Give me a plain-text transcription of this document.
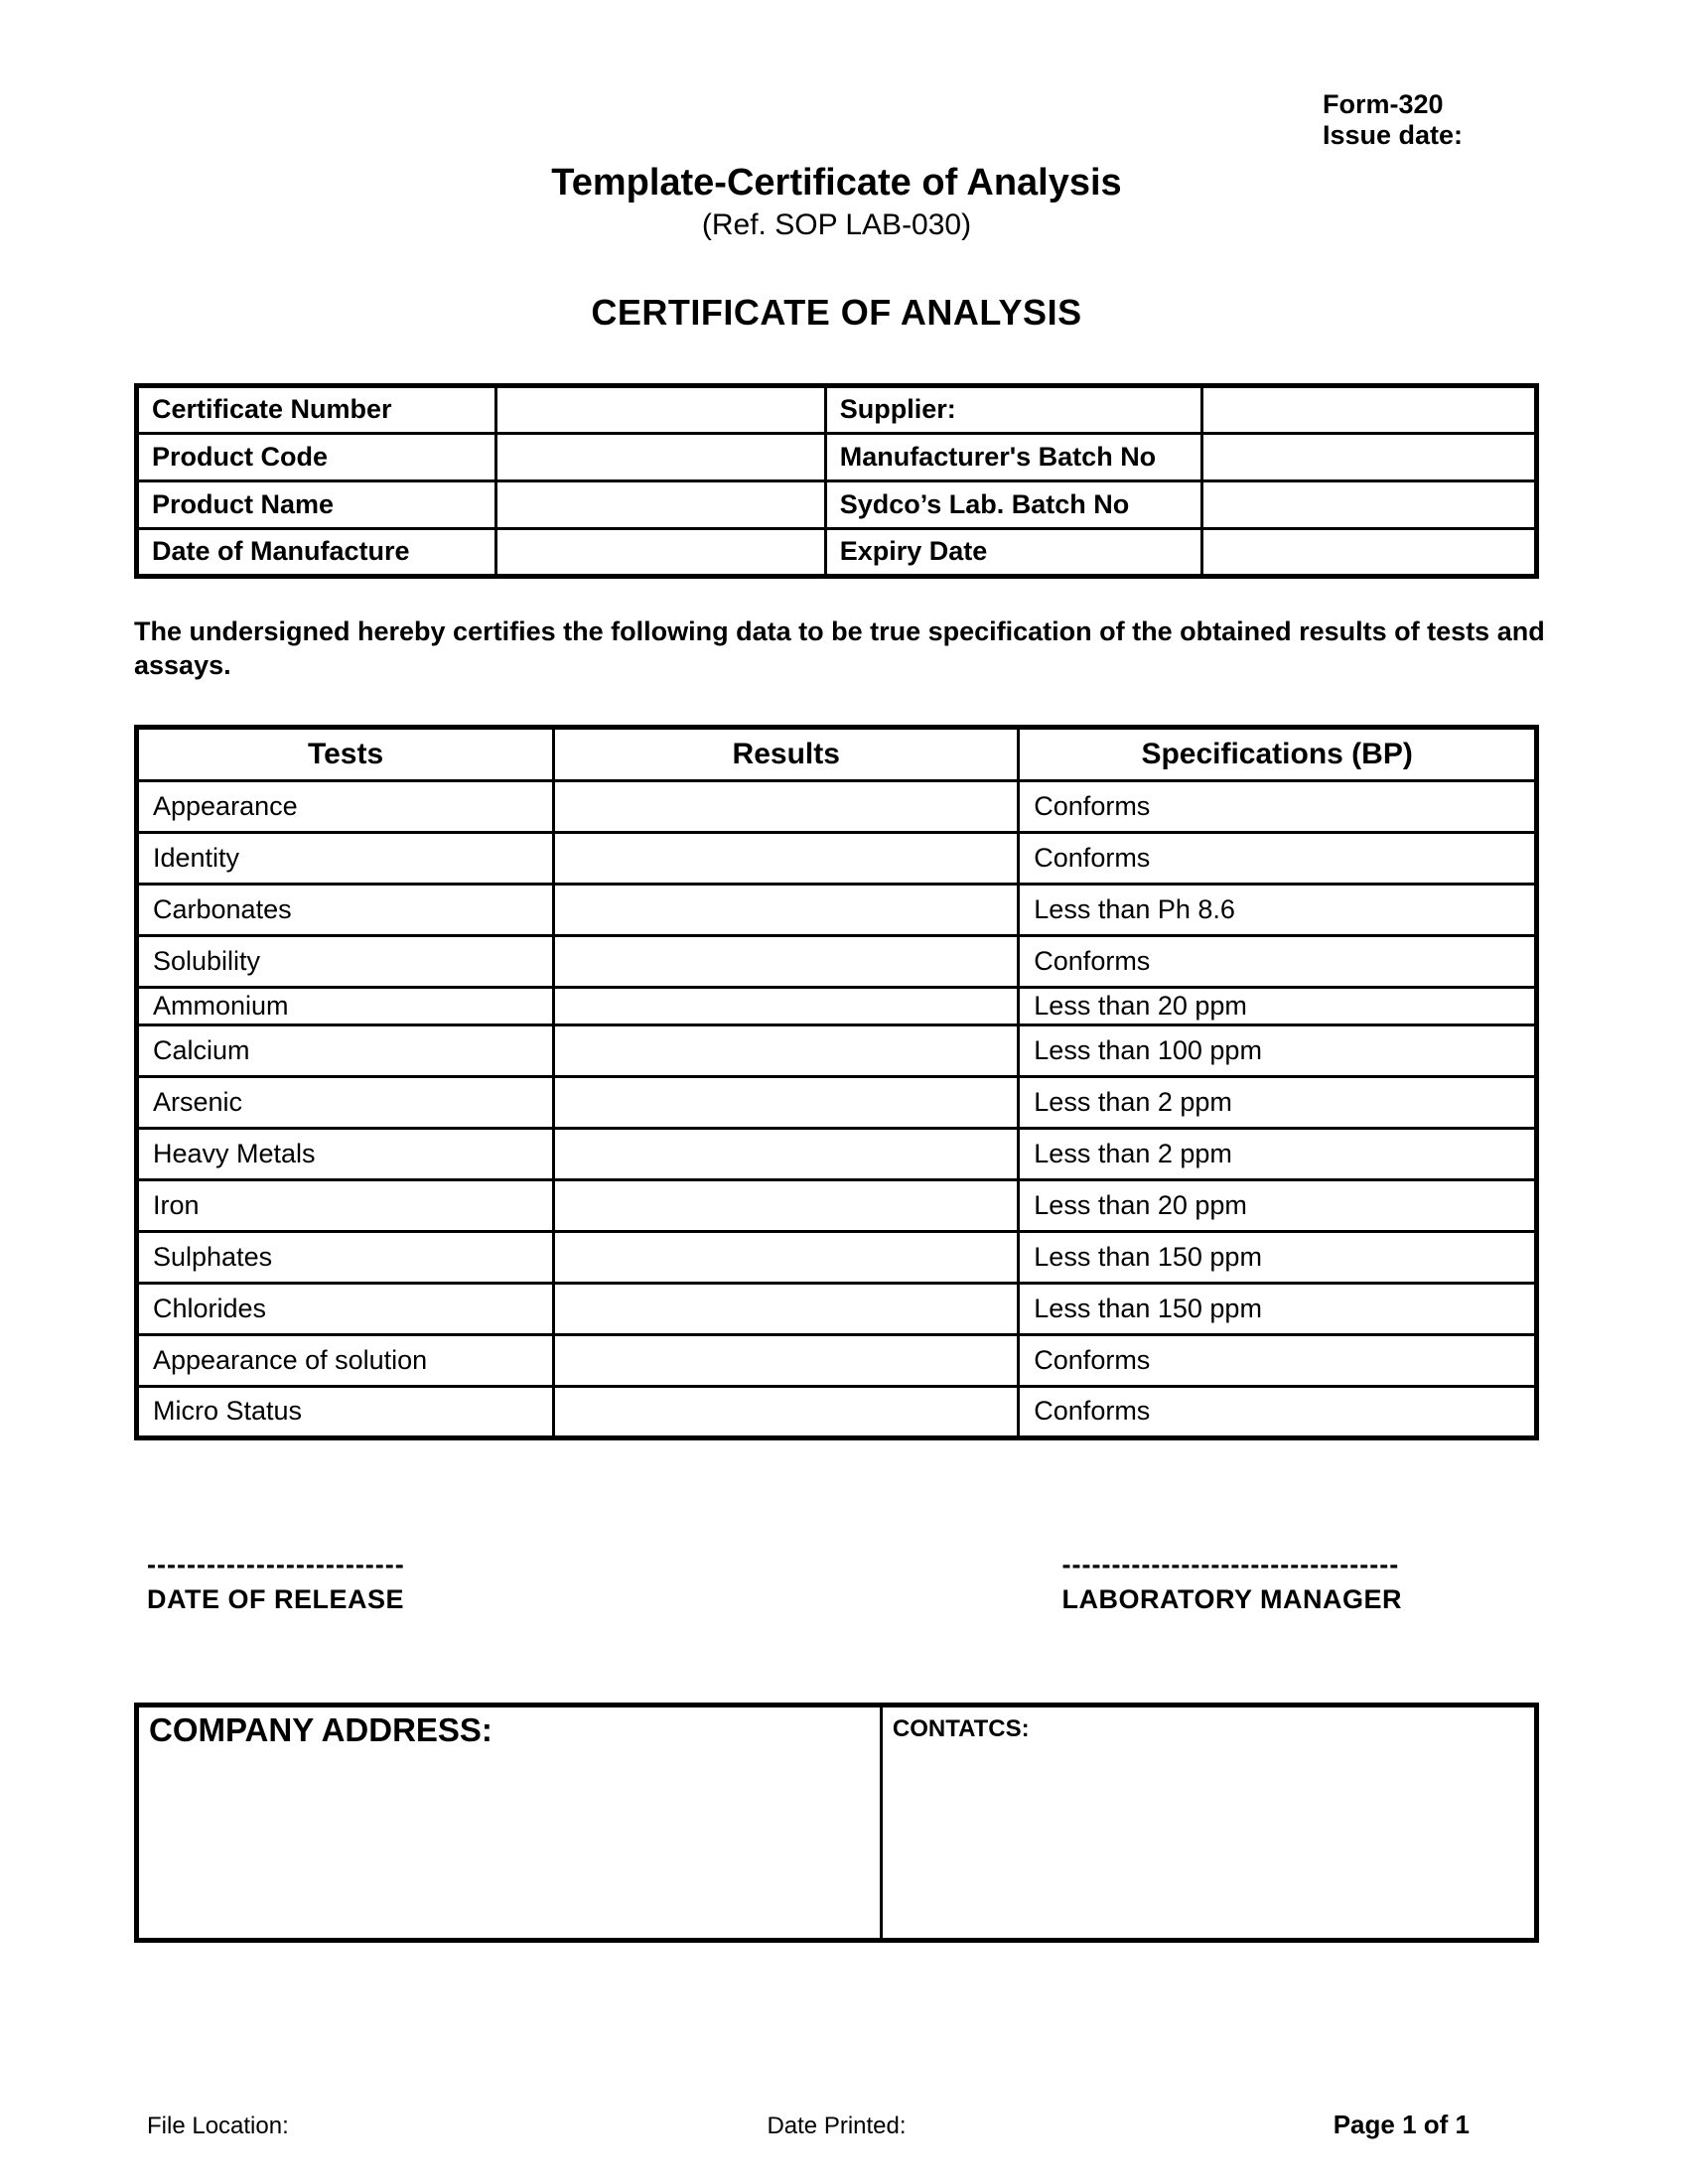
Form-320
Issue date:
Template-Certificate of Analysis
(Ref. SOP LAB-030)
CERTIFICATE OF ANALYSIS
Certificate Number		Supplier:	
Product Code		Manufacturer's Batch No	
Product Name		Sydco’s Lab. Batch No	
Date of Manufacture		Expiry Date	
The undersigned hereby certifies the following data to be true specification of the obtained results of tests and assays.
Tests	Results	Specifications (BP)
Appearance		Conforms
Identity		Conforms
Carbonates		Less than Ph 8.6
Solubility		Conforms
Ammonium		Less than 20 ppm
Calcium		Less than 100 ppm
Arsenic		Less than 2 ppm
Heavy Metals		Less than 2 ppm
Iron		Less than 20 ppm
Sulphates		Less than 150 ppm
Chlorides		Less than 150 ppm
Appearance of solution		Conforms
Micro Status		Conforms
--------------------------
DATE OF RELEASE
----------------------------------
LABORATORY MANAGER
COMPANY ADDRESS:	CONTATCS:
File Location:	Date Printed:	Page 1 of 1
